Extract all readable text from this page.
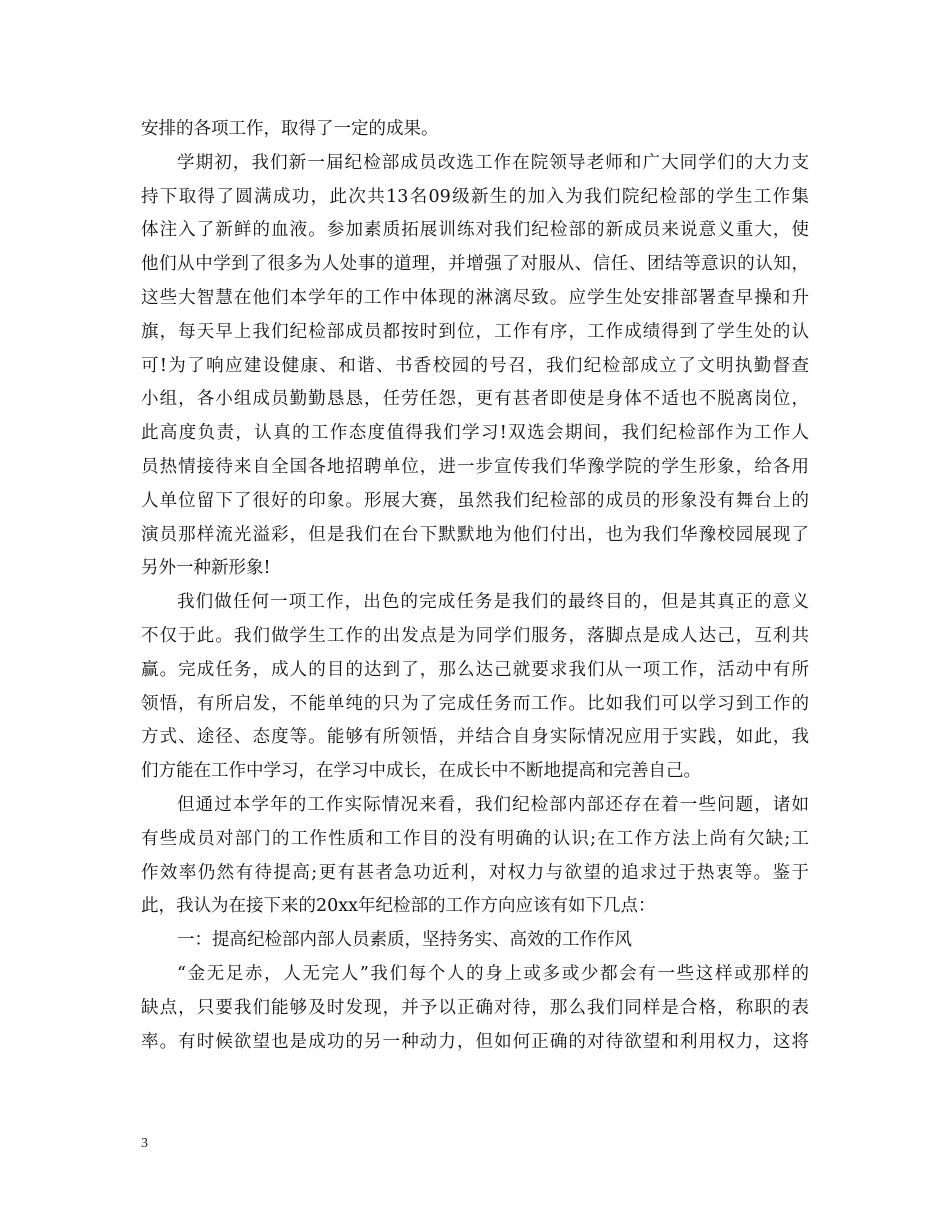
安排的各项工作，取得了一定的成果。
学期初，我们新一届纪检部成员改选工作在院领导老师和广大同学们的大力支
持下取得了圆满成功，此次共13名09级新生的加入为我们院纪检部的学生工作集
体注入了新鲜的血液。参加素质拓展训练对我们纪检部的新成员来说意义重大，使
他们从中学到了很多为人处事的道理，并增强了对服从、信任、团结等意识的认知，
这些大智慧在他们本学年的工作中体现的淋漓尽致。应学生处安排部署查早操和升
旗，每天早上我们纪检部成员都按时到位，工作有序，工作成绩得到了学生处的认
可!为了响应建设健康、和谐、书香校园的号召，我们纪检部成立了文明执勤督查
小组，各小组成员勤勤恳恳，任劳任怨，更有甚者即使是身体不适也不脱离岗位，
此高度负责，认真的工作态度值得我们学习!双选会期间，我们纪检部作为工作人
员热情接待来自全国各地招聘单位，进一步宣传我们华豫学院的学生形象，给各用
人单位留下了很好的印象。形展大赛，虽然我们纪检部的成员的形象没有舞台上的
演员那样流光溢彩，但是我们在台下默默地为他们付出，也为我们华豫校园展现了
另外一种新形象!
我们做任何一项工作，出色的完成任务是我们的最终目的，但是其真正的意义
不仅于此。我们做学生工作的出发点是为同学们服务，落脚点是成人达己，互利共
赢。完成任务，成人的目的达到了，那么达己就要求我们从一项工作，活动中有所
领悟，有所启发，不能单纯的只为了完成任务而工作。比如我们可以学习到工作的
方式、途径、态度等。能够有所领悟，并结合自身实际情况应用于实践，如此，我
们方能在工作中学习，在学习中成长，在成长中不断地提高和完善自己。
但通过本学年的工作实际情况来看，我们纪检部内部还存在着一些问题，诸如
有些成员对部门的工作性质和工作目的没有明确的认识;在工作方法上尚有欠缺;工
作效率仍然有待提高;更有甚者急功近利，对权力与欲望的追求过于热衷等。鉴于
此，我认为在接下来的20xx年纪检部的工作方向应该有如下几点：
一：提高纪检部内部人员素质，坚持务实、高效的工作作风
“金无足赤，人无完人”我们每个人的身上或多或少都会有一些这样或那样的
缺点，只要我们能够及时发现，并予以正确对待，那么我们同样是合格，称职的表
率。有时候欲望也是成功的另一种动力，但如何正确的对待欲望和利用权力，这将
3
